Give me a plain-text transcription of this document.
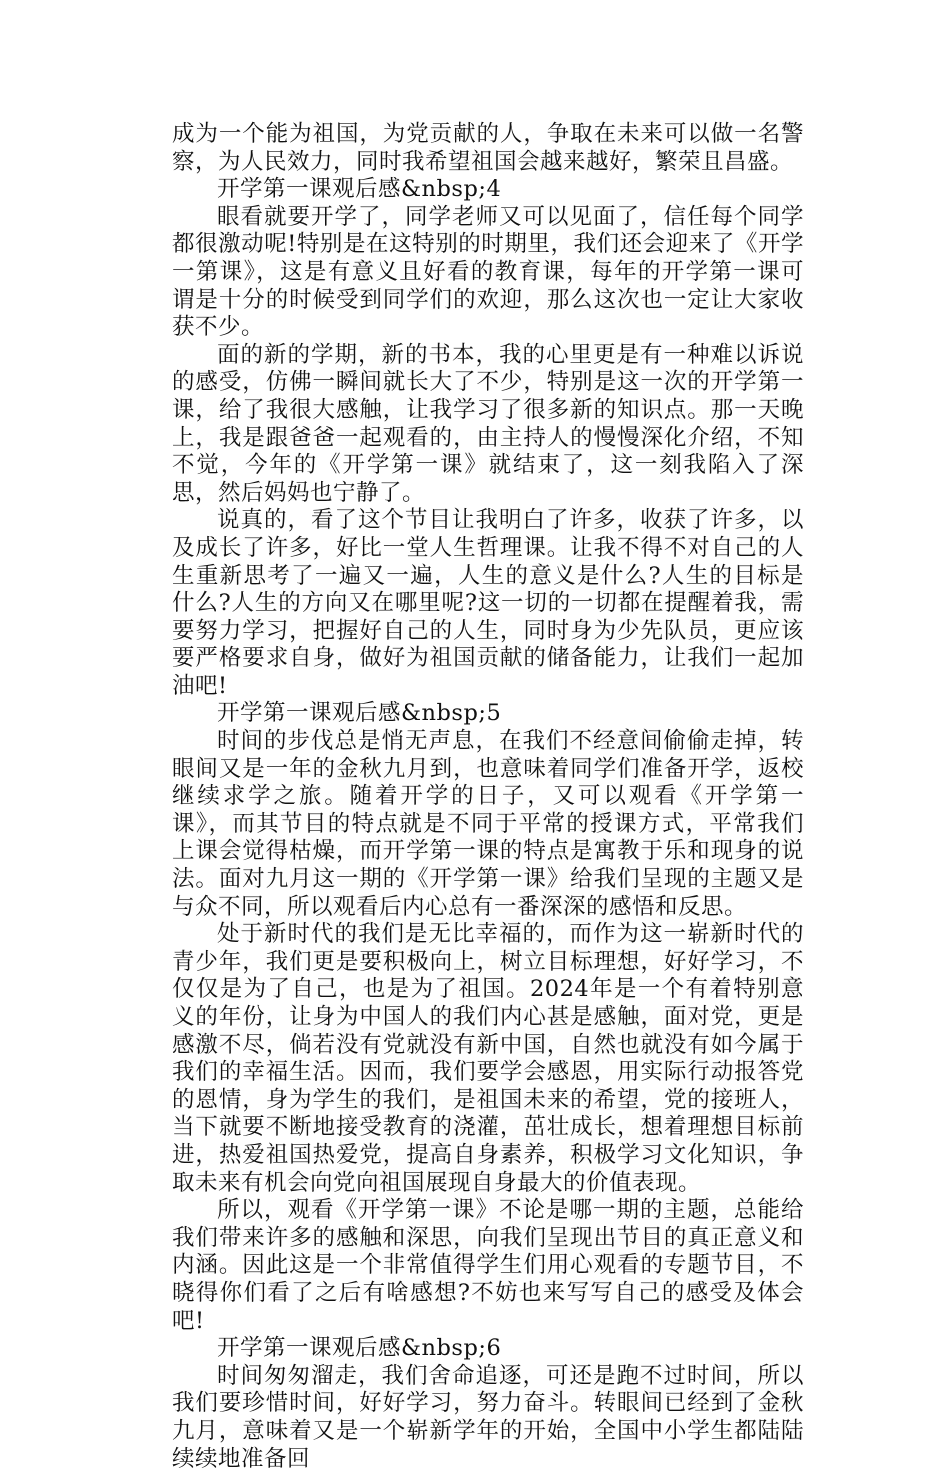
成为一个能为祖国，为党贡献的人，争取在未来可以做一名警察，为人民效力，同时我希望祖国会越来越好，繁荣且昌盛。

开学第一课观后感&nbsp;4

眼看就要开学了，同学老师又可以见面了，信任每个同学都很激动呢!特别是在这特别的时期里，我们还会迎来了《开学一第课》，这是有意义且好看的教育课，每年的开学第一课可谓是十分的时候受到同学们的欢迎，那么这次也一定让大家收获不少。

面的新的学期，新的书本，我的心里更是有一种难以诉说的感受，仿佛一瞬间就长大了不少，特别是这一次的开学第一课，给了我很大感触，让我学习了很多新的知识点。那一天晚上，我是跟爸爸一起观看的，由主持人的慢慢深化介绍，不知不觉，今年的《开学第一课》就结束了，这一刻我陷入了深思，然后妈妈也宁静了。

说真的，看了这个节目让我明白了许多，收获了许多，以及成长了许多，好比一堂人生哲理课。让我不得不对自己的人生重新思考了一遍又一遍，人生的意义是什么?人生的目标是什么?人生的方向又在哪里呢?这一切的一切都在提醒着我，需要努力学习，把握好自己的人生，同时身为少先队员，更应该要严格要求自身，做好为祖国贡献的储备能力，让我们一起加油吧!

开学第一课观后感&nbsp;5

时间的步伐总是悄无声息，在我们不经意间偷偷走掉，转眼间又是一年的金秋九月到，也意味着同学们准备开学，返校继续求学之旅。随着开学的日子，又可以观看《开学第一课》，而其节目的特点就是不同于平常的授课方式，平常我们上课会觉得枯燥，而开学第一课的特点是寓教于乐和现身的说法。面对九月这一期的《开学第一课》给我们呈现的主题又是与众不同，所以观看后内心总有一番深深的感悟和反思。

处于新时代的我们是无比幸福的，而作为这一崭新时代的青少年，我们更是要积极向上，树立目标理想，好好学习，不仅仅是为了自己，也是为了祖国。2024年是一个有着特别意义的年份，让身为中国人的我们内心甚是感触，面对党，更是感激不尽，倘若没有党就没有新中国，自然也就没有如今属于我们的幸福生活。因而，我们要学会感恩，用实际行动报答党的恩情，身为学生的我们，是祖国未来的希望，党的接班人，当下就要不断地接受教育的浇灌，茁壮成长，想着理想目标前进，热爱祖国热爱党，提高自身素养，积极学习文化知识，争取未来有机会向党向祖国展现自身最大的价值表现。

所以，观看《开学第一课》不论是哪一期的主题，总能给我们带来许多的感触和深思，向我们呈现出节目的真正意义和内涵。因此这是一个非常值得学生们用心观看的专题节目，不晓得你们看了之后有啥感想?不妨也来写写自己的感受及体会吧!

开学第一课观后感&nbsp;6

时间匆匆溜走，我们舍命追逐，可还是跑不过时间，所以我们要珍惜时间，好好学习，努力奋斗。转眼间已经到了金秋九月，意味着又是一个崭新学年的开始，全国中小学生都陆陆续续地准备回
